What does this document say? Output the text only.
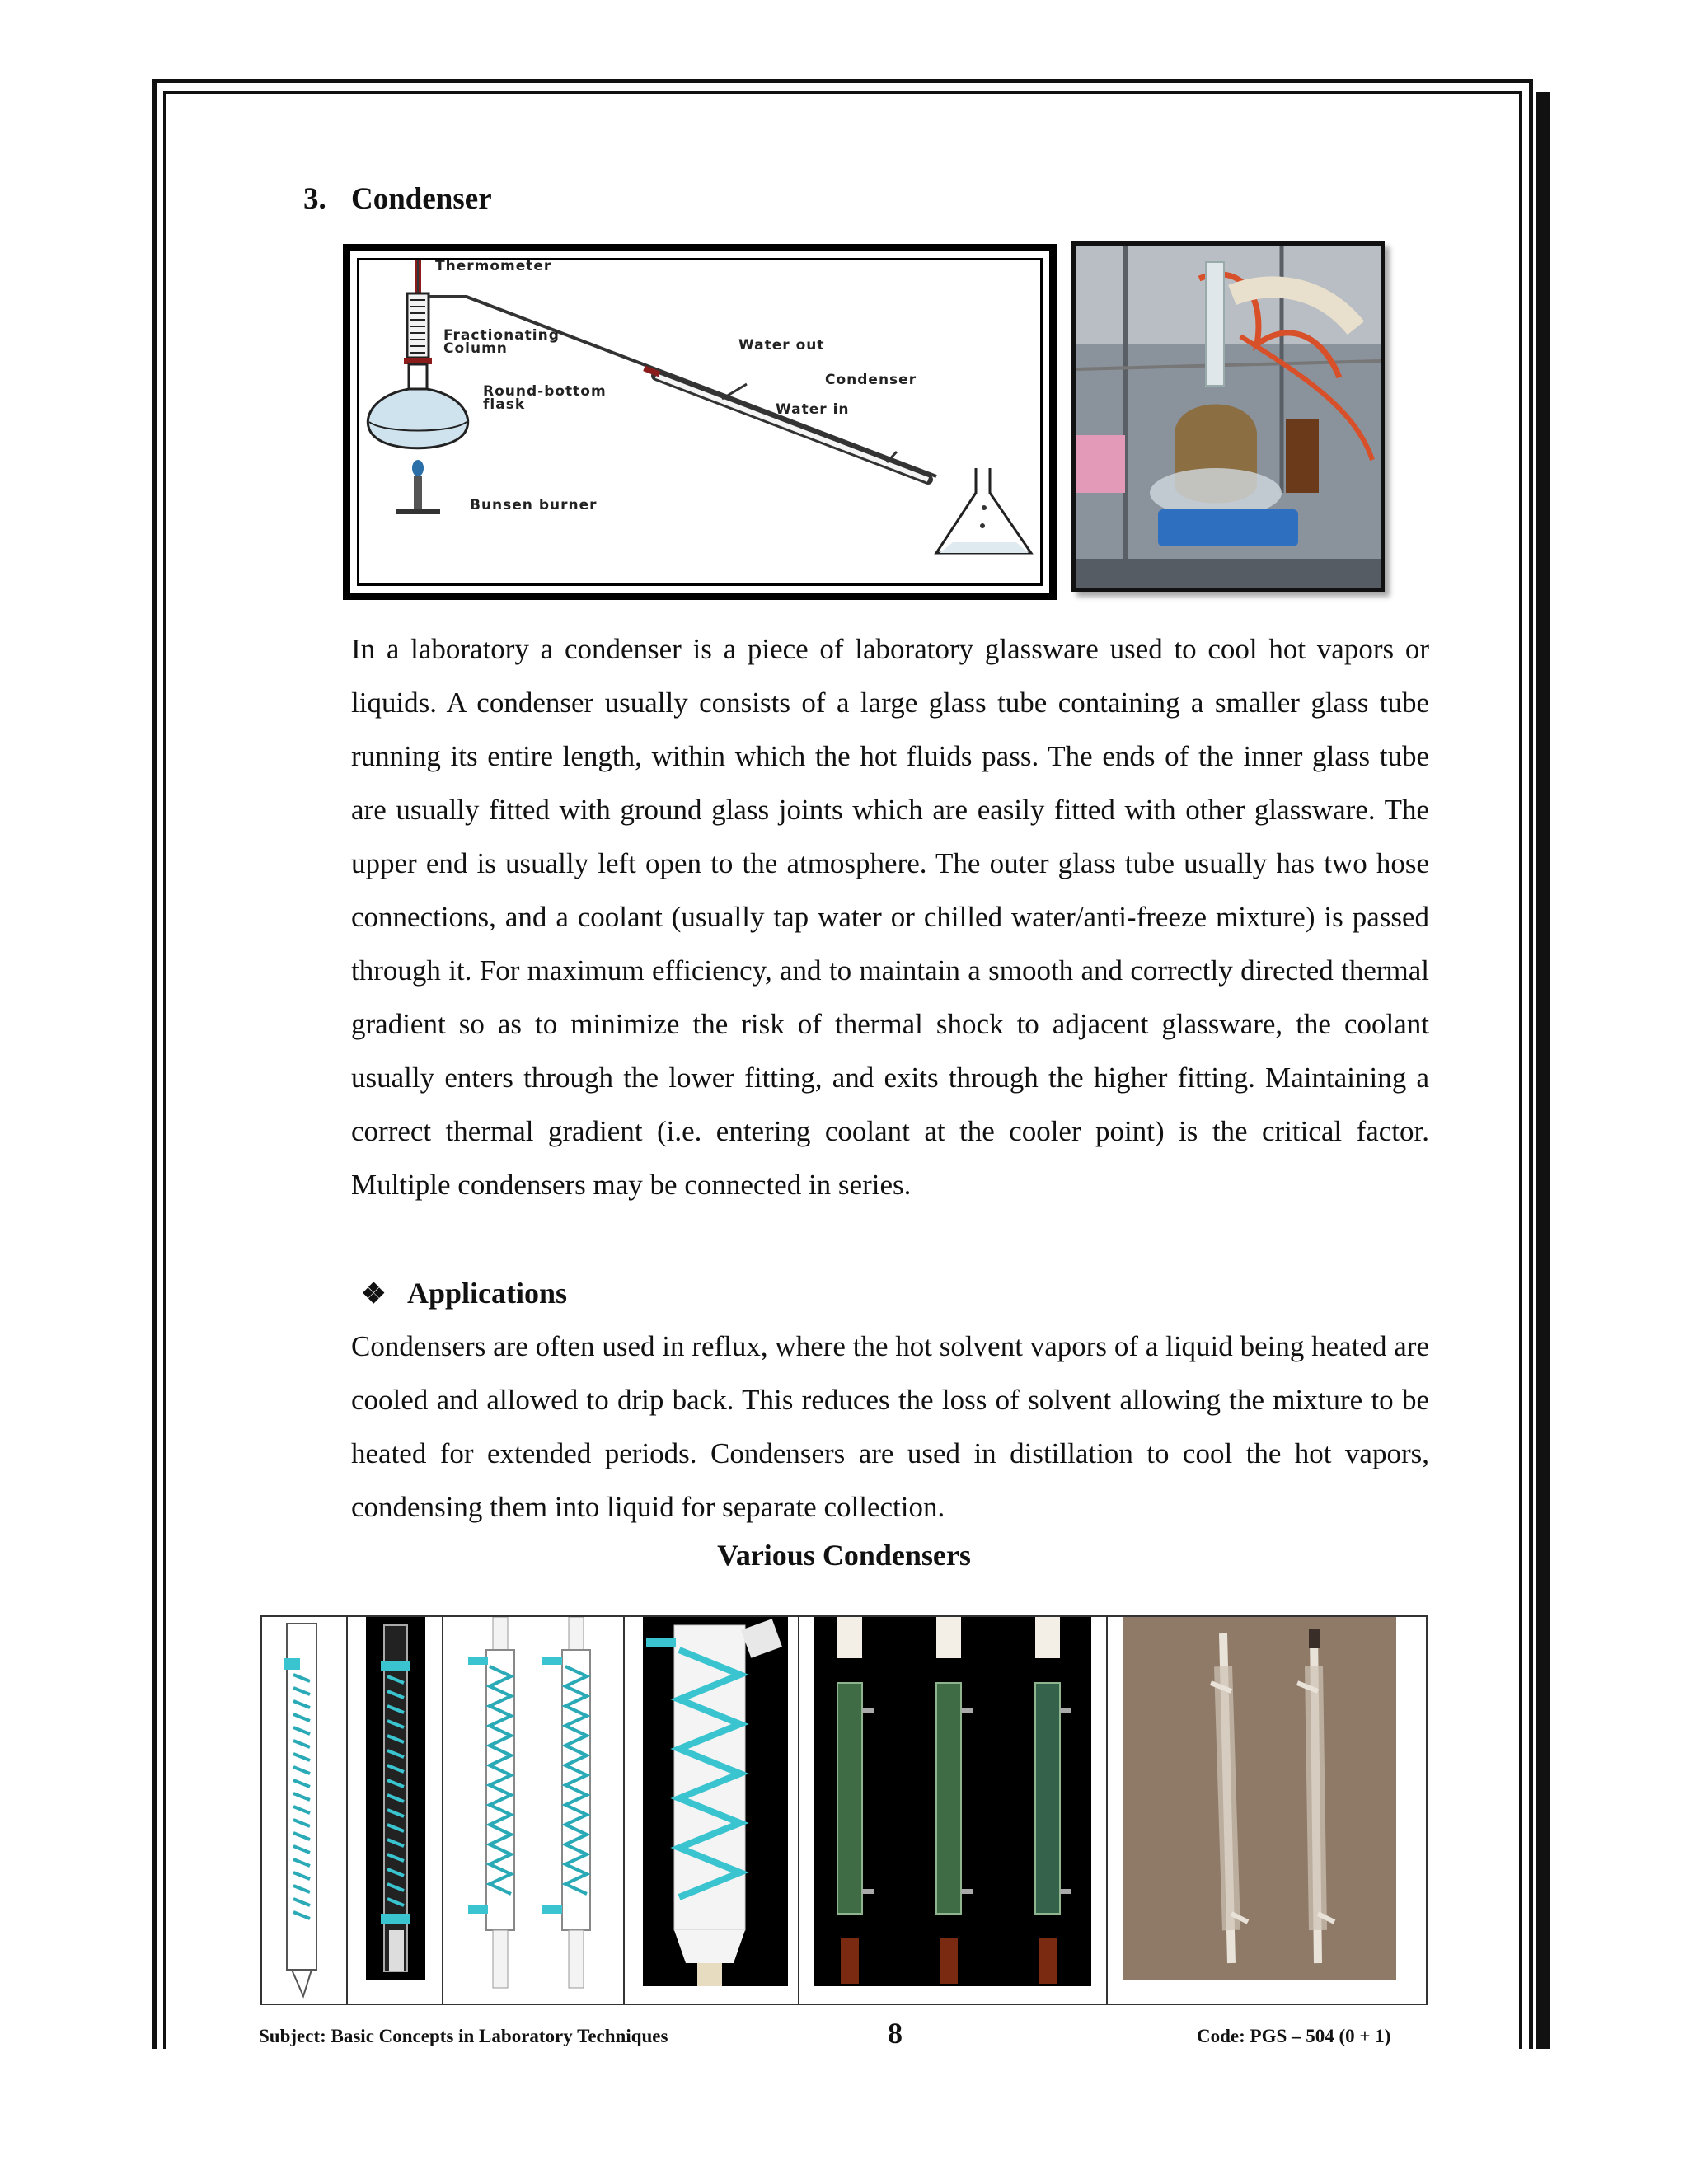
3. Condenser
Thermometer
Fractionating
Column	Water out
Condenser
Round-bottom
flask	Water in
Bunsen burner

In a laboratory a condenser is a piece of laboratory glassware used to cool hot vapors or liquids. A condenser usually consists of a large glass tube containing a smaller glass tube running its entire length, within which the hot fluids pass. The ends of the inner glass tube are usually fitted with ground glass joints which are easily fitted with other glassware. The upper end is usually left open to the atmosphere. The outer glass tube usually has two hose connections, and a coolant (usually tap water or chilled water/anti-freeze mixture) is passed through it. For maximum efficiency, and to maintain a smooth and correctly directed thermal gradient so as to minimize the risk of thermal shock to adjacent glassware, the coolant usually enters through the lower fitting, and exits through the higher fitting. Maintaining a correct thermal gradient (i.e. entering coolant at the cooler point) is the critical factor. Multiple condensers may be connected in series.

❖ Applications

Condensers are often used in reflux, where the hot solvent vapors of a liquid being heated are cooled and allowed to drip back. This reduces the loss of solvent allowing the mixture to be heated for extended periods. Condensers are used in distillation to cool the hot vapors, condensing them into liquid for separate collection.

Various Condensers
Subject: Basic Concepts in Laboratory Techniques	8	Code: PGS – 504 (0 + 1)
